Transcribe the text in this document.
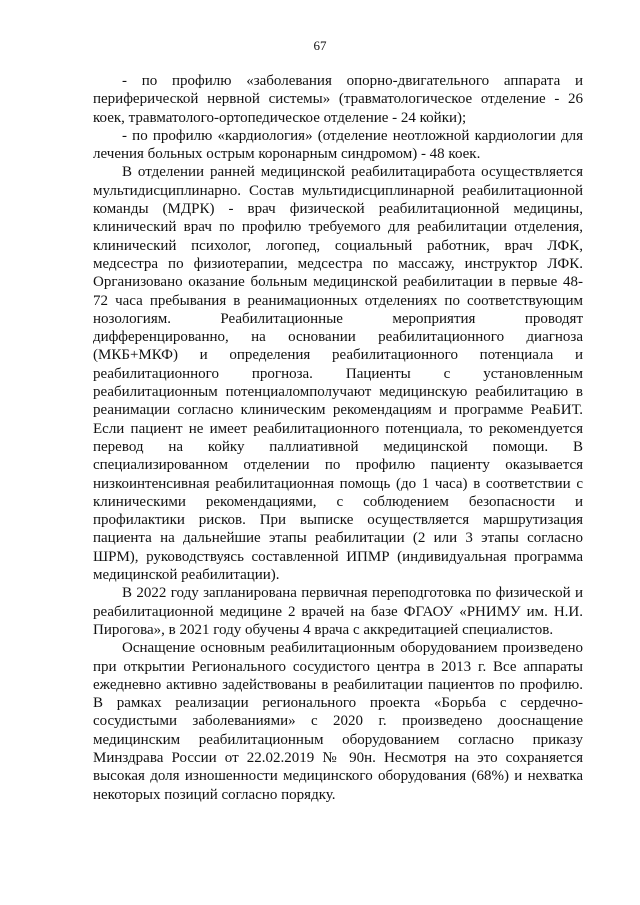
67

- по профилю «заболевания опорно-двигательного аппарата и периферической нервной системы» (травматологическое отделение - 26 коек, травматолого-ортопедическое отделение - 24 койки);

- по профилю «кардиология» (отделение неотложной кардиологии для лечения больных острым коронарным синдромом) - 48 коек.

В отделении ранней медицинской реабилитациработа осуществляется мультидисциплинарно. Состав мультидисциплинарной реабилитационной команды (МДРК) - врач физической реабилитационной медицины, клинический врач по профилю требуемого для реабилитации отделения, клинический психолог, логопед, социальный работник, врач ЛФК, медсестра по физиотерапии, медсестра по массажу, инструктор ЛФК. Организовано оказание больным медицинской реабилитации в первые 48-72 часа пребывания в реанимационных отделениях по соответствующим нозологиям. Реабилитационные мероприятия проводят дифференцированно, на основании реабилитационного диагноза (МКБ+МКФ) и определения реабилитационного потенциала и реабилитационного прогноза. Пациенты с установленным реабилитационным потенциаломполучают медицинскую реабилитацию в реанимации согласно клиническим рекомендациям и программе РеаБИТ. Если пациент не имеет реабилитационного потенциала, то рекомендуется перевод на койку паллиативной медицинской помощи. В специализированном отделении по профилю пациенту оказывается низкоинтенсивная реабилитационная помощь (до 1 часа) в соответствии с клиническими рекомендациями, с соблюдением безопасности и профилактики рисков. При выписке осуществляется маршрутизация пациента на дальнейшие этапы реабилитации (2 или 3 этапы согласно ШРМ), руководствуясь составленной ИПМР (индивидуальная программа медицинской реабилитации).

В 2022 году запланирована первичная переподготовка по физической и реабилитационной медицине 2 врачей на базе ФГАОУ «РНИМУ им. Н.И. Пирогова», в 2021 году обучены 4 врача с аккредитацией специалистов.

Оснащение основным реабилитационным оборудованием произведено при открытии Регионального сосудистого центра в 2013 г. Все аппараты ежедневно активно задействованы в реабилитации пациентов по профилю. В рамках реализации регионального проекта «Борьба с сердечно-сосудистыми заболеваниями» с 2020 г. произведено дооснащение медицинским реабилитационным оборудованием согласно приказу Минздрава России от 22.02.2019 № 90н. Несмотря на это сохраняется высокая доля изношенности медицинского оборудования (68%) и нехватка некоторых позиций согласно порядку.
